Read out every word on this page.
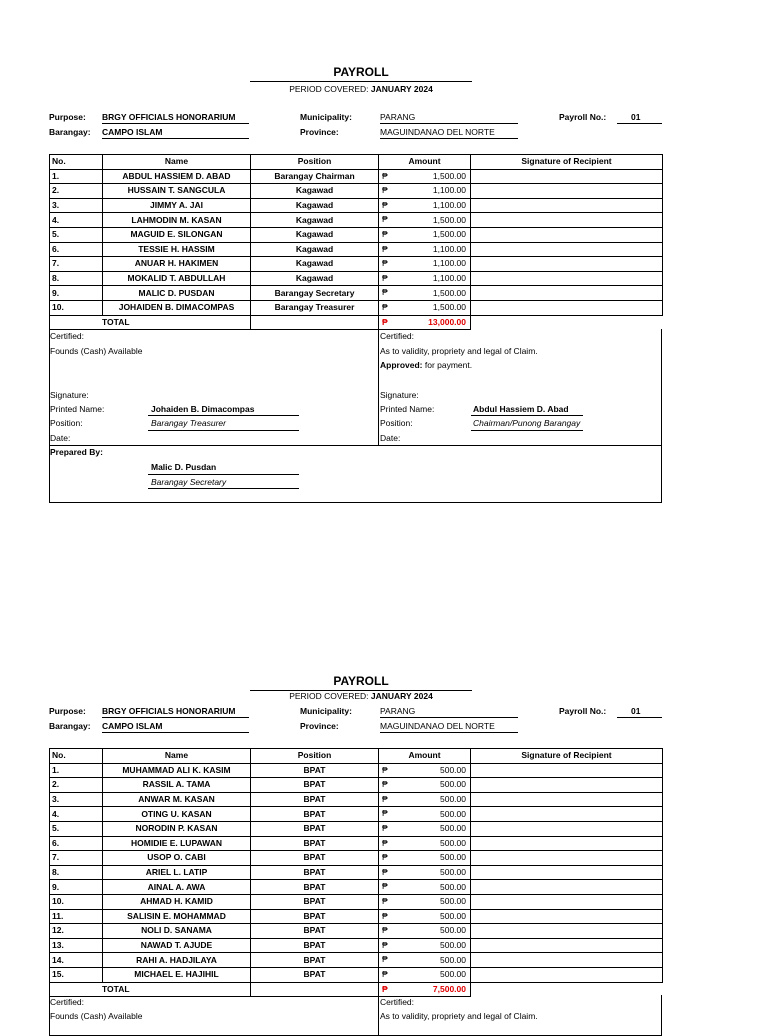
PAYROLL
PERIOD COVERED: JANUARY 2024
Purpose: BRGY OFFICIALS HONORARIUM
Barangay: CAMPO ISLAM
Municipality:	PARANG
Province:	MAGUINDANAO DEL NORTE
Payroll No.:	01
No.	Name	Position	Amount	Signature of Recipient
1.	ABDUL HASSIEM D. ABAD	Barangay Chairman	₱ 1,500.00	
2.	HUSSAIN T. SANGCULA	Kagawad	₱ 1,100.00	
3.	JIMMY A. JAI	Kagawad	₱ 1,100.00	
4.	LAHMODIN M. KASAN	Kagawad	₱ 1,500.00	
5.	MAGUID E. SILONGAN	Kagawad	₱ 1,500.00	
6.	TESSIE H. HASSIM	Kagawad	₱ 1,100.00	
7.	ANUAR H. HAKIMEN	Kagawad	₱ 1,100.00	
8.	MOKALID T. ABDULLAH	Kagawad	₱ 1,100.00	
9.	MALIC D. PUSDAN	Barangay Secretary	₱ 1,500.00	
10.	JOHAIDEN B. DIMACOMPAS	Barangay Treasurer	₱ 1,500.00	
TOTAL			₱ 13,000.00	
Certified:
Founds (Cash) Available
Signature:
Printed Name:	Johaiden B. Dimacompas
Position:	Barangay Treasurer
Date:
Certified:
As to validity, propriety and legal of Claim.
Approved: for payment.
Signature:
Printed Name:	Abdul Hassiem D. Abad
Position:	Chairman/Punong Barangay
Date:
Prepared By:
Malic D. Pusdan
Barangay Secretary
PAYROLL
PERIOD COVERED: JANUARY 2024
Purpose: BRGY OFFICIALS HONORARIUM
Barangay: CAMPO ISLAM
Municipality:	PARANG
Province:	MAGUINDANAO DEL NORTE
Payroll No.:	01
No.	Name	Position	Amount	Signature of Recipient
1.	MUHAMMAD ALI K. KASIM	BPAT	₱ 500.00	
2.	RASSIL A. TAMA	BPAT	₱ 500.00	
3.	ANWAR M. KASAN	BPAT	₱ 500.00	
4.	OTING U. KASAN	BPAT	₱ 500.00	
5.	NORODIN P. KASAN	BPAT	₱ 500.00	
6.	HOMIDIE E. LUPAWAN	BPAT	₱ 500.00	
7.	USOP O. CABI	BPAT	₱ 500.00	
8.	ARIEL L. LATIP	BPAT	₱ 500.00	
9.	AINAL A. AWA	BPAT	₱ 500.00	
10.	AHMAD H. KAMID	BPAT	₱ 500.00	
11.	SALISIN E. MOHAMMAD	BPAT	₱ 500.00	
12.	NOLI D. SANAMA	BPAT	₱ 500.00	
13.	NAWAD T. AJUDE	BPAT	₱ 500.00	
14.	RAHI A. HADJILAYA	BPAT	₱ 500.00	
15.	MICHAEL E. HAJIHIL	BPAT	₱ 500.00	
TOTAL			₱ 7,500.00	
Certified:
Founds (Cash) Available
Certified:
As to validity, propriety and legal of Claim.
